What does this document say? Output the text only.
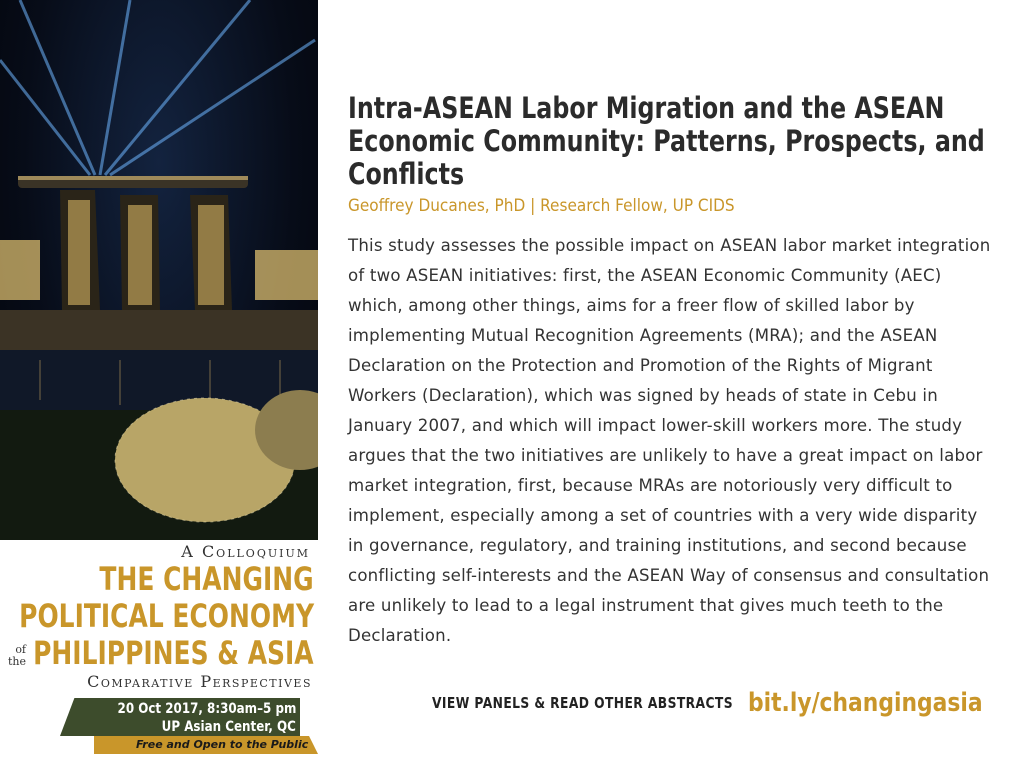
A Colloquium
THE CHANGING
POLITICAL ECONOMY
of
the PHILIPPINES & ASIA
Comparative Perspectives
20 Oct 2017, 8:30am–5 pm
UP Asian Center, QC
Free and Open to the Public
Intra-ASEAN Labor Migration and the ASEAN Economic Community: Patterns, Prospects, and Conflicts
Geoffrey Ducanes, PhD | Research Fellow, UP CIDS
This study assesses the possible impact on ASEAN labor market integration of two ASEAN initiatives: first, the ASEAN Economic Community (AEC) which, among other things, aims for a freer flow of skilled labor by implementing Mutual Recognition Agreements (MRA); and the ASEAN Declaration on the Protection and Promotion of the Rights of Migrant Workers (Declaration), which was signed by heads of state in Cebu in January 2007, and which will impact lower-skill workers more. The study argues that the two initiatives are unlikely to have a great impact on labor market integration, first, because MRAs are notoriously very difficult to implement, especially among a set of countries with a very wide disparity in governance, regulatory, and training institutions, and second because conflicting self-interests and the ASEAN Way of consensus and consultation are unlikely to lead to a legal instrument that gives much teeth to the Declaration.
VIEW PANELS & READ OTHER ABSTRACTS bit.ly/changingasia
